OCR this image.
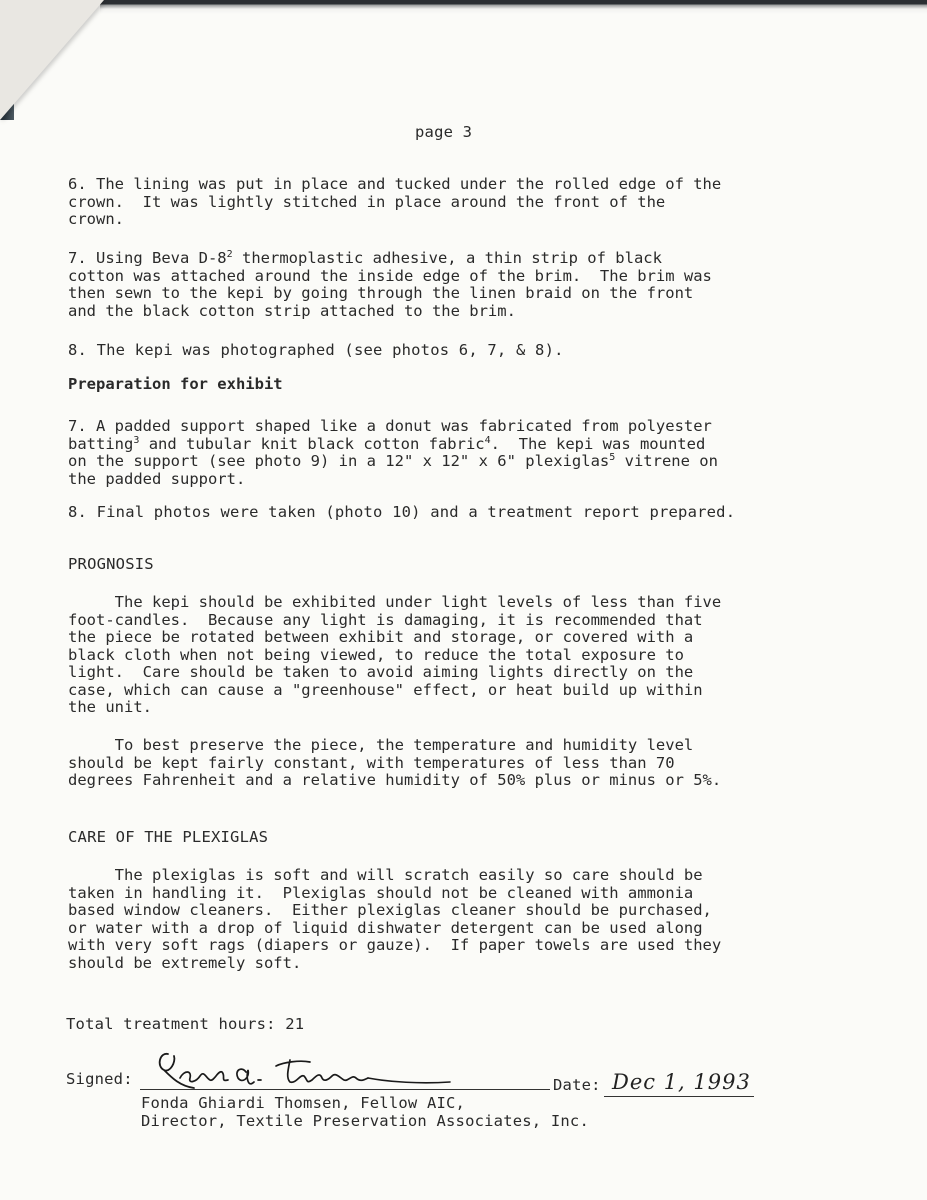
page 3
6. The lining was put in place and tucked under the rolled edge of the
crown.  It was lightly stitched in place around the front of the
crown.
7. Using Beva $D-8^2$ thermoplastic adhesive, a thin strip of black
cotton was attached around the inside edge of the brim.  The brim was
then sewn to the kepi by going through the linen braid on the front
and the black cotton strip attached to the brim.
8. The kepi was photographed (see photos 6, 7, & 8).
Preparation for exhibit
7. A padded support shaped like a donut was fabricated from polyester
batting$^3$ and tubular knit black cotton fabric$^4$.  The kepi was mounted
on the support (see photo 9) in a 12" x 12" x 6" plexiglas$^5$ vitrene on
the padded support.
8. Final photos were taken (photo 10) and a treatment report prepared.
PROGNOSIS
The kepi should be exhibited under light levels of less than five
foot-candles.  Because any light is damaging, it is recommended that
the piece be rotated between exhibit and storage, or covered with a
black cloth when not being viewed, to reduce the total exposure to
light.  Care should be taken to avoid aiming lights directly on the
case, which can cause a "greenhouse" effect, or heat build up within
the unit.
To best preserve the piece, the temperature and humidity level
should be kept fairly constant, with temperatures of less than 70
degrees Fahrenheit and a relative humidity of 50% plus or minus or 5%.
CARE OF THE PLEXIGLAS
The plexiglas is soft and will scratch easily so care should be
taken in handling it.  Plexiglas should not be cleaned with ammonia
based window cleaners.  Either plexiglas cleaner should be purchased,
or water with a drop of liquid dishwater detergent can be used along
with very soft rags (diapers or gauze).  If paper towels are used they
should be extremely soft.
Total treatment hours: 21
Signed:	Date: Dec 1, 1993
Fonda Ghiardi Thomsen, Fellow AIC,
Director, Textile Preservation Associates, Inc.
